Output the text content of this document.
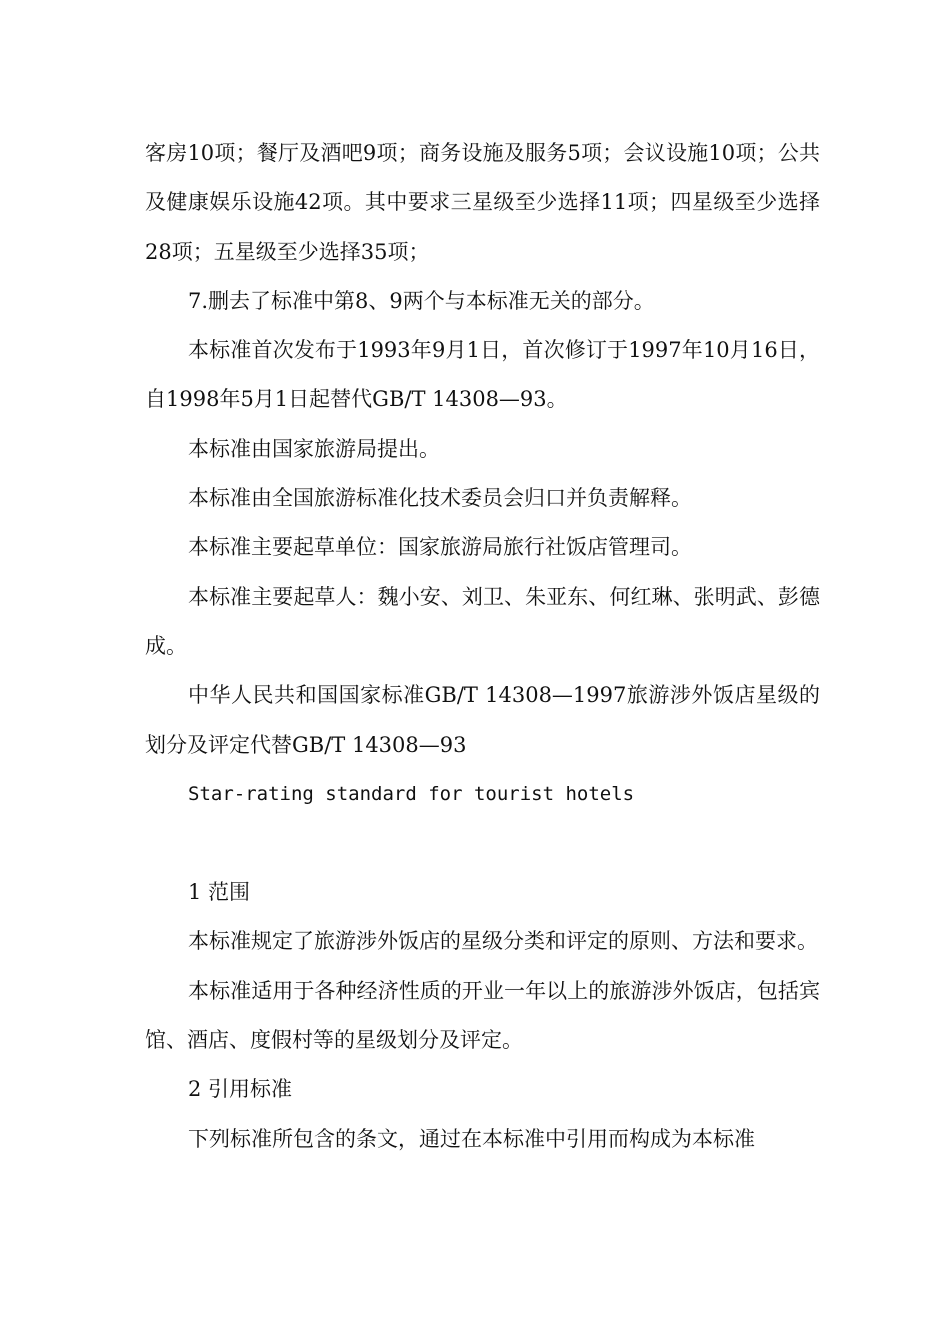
客房10项；餐厅及酒吧9项；商务设施及服务5项；会议设施10项；公共及健康娱乐设施42项。其中要求三星级至少选择11项；四星级至少选择28项；五星级至少选择35项；

7.删去了标准中第8、9两个与本标准无关的部分。

本标准首次发布于1993年9月1日，首次修订于1997年10月16日，自1998年5月1日起替代GB/T 14308—93。

本标准由国家旅游局提出。

本标准由全国旅游标准化技术委员会归口并负责解释。

本标准主要起草单位：国家旅游局旅行社饭店管理司。

本标准主要起草人：魏小安、刘卫、朱亚东、何红琳、张明武、彭德成。

中华人民共和国国家标准GB/T 14308—1997旅游涉外饭店星级的划分及评定代替GB/T 14308—93

Star-rating standard for tourist hotels

1 范围

本标准规定了旅游涉外饭店的星级分类和评定的原则、方法和要求。

本标准适用于各种经济性质的开业一年以上的旅游涉外饭店，包括宾馆、酒店、度假村等的星级划分及评定。

2 引用标准

下列标准所包含的条文，通过在本标准中引用而构成为本标准
